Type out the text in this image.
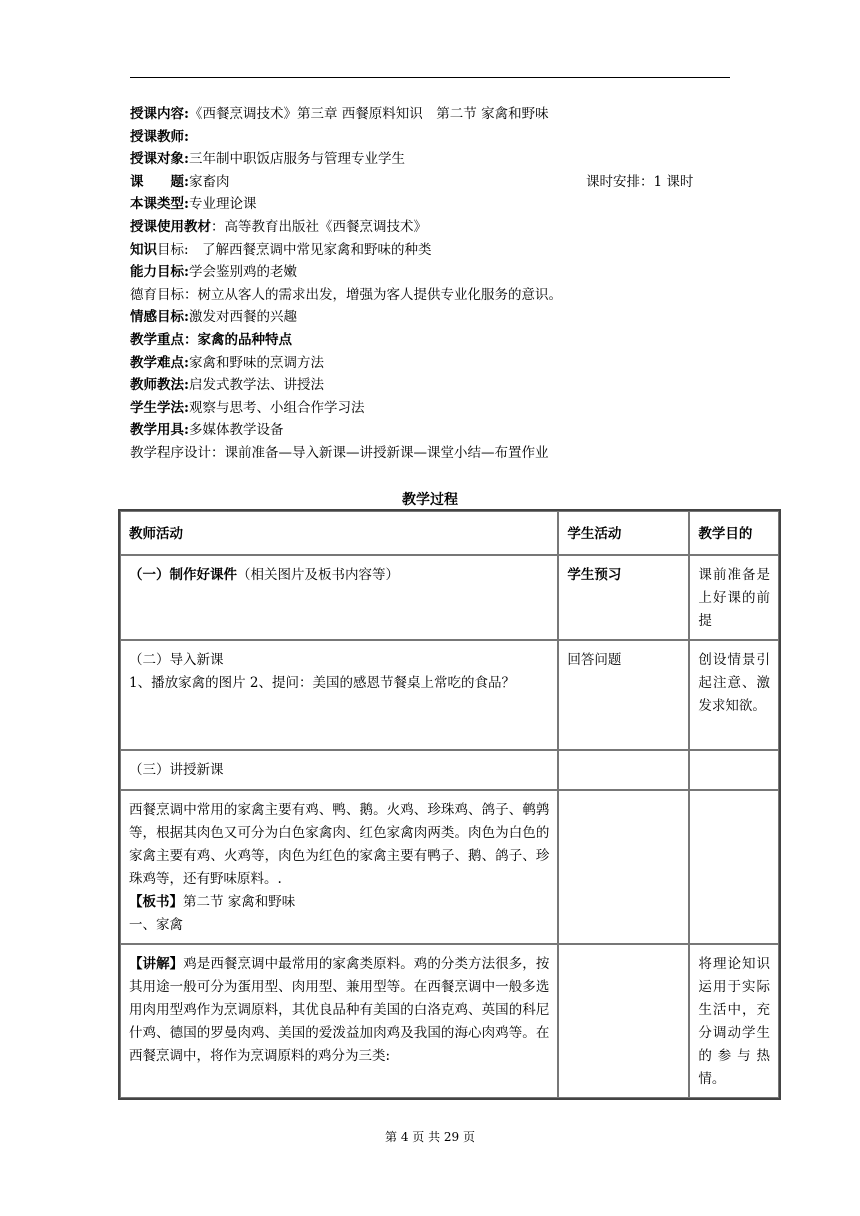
授课内容:《西餐烹调技术》第三章 西餐原料知识　第二节 家禽和野味
授课教师:
授课对象:三年制中职饭店服务与管理专业学生
课　　题:家畜肉	课时安排：1 课时
本课类型:专业理论课
授课使用教材：高等教育出版社《西餐烹调技术》
知识目标:　了解西餐烹调中常见家禽和野味的种类
能力目标:学会鉴别鸡的老嫩
德育目标：树立从客人的需求出发，增强为客人提供专业化服务的意识。
情感目标:激发对西餐的兴趣
教学重点：家禽的品种特点
教学难点:家禽和野味的烹调方法
教师教法:启发式教学法、讲授法
学生学法:观察与思考、小组合作学习法
教学用具:多媒体教学设备
教学程序设计：课前准备—导入新课—讲授新课—课堂小结—布置作业
教学过程
教师活动	学生活动	教学目的
（一）制作好课件（相关图片及板书内容等）	学生预习	课前准备是上好课的前提

（二）导入新课
1、播放家禽的图片 2、提问：美国的感恩节餐桌上常吃的食品？	回答问题	创设情景引起注意、激发求知欲。
（三）讲授新课		

西餐烹调中常用的家禽主要有鸡、鸭、鹅。火鸡、珍珠鸡、鸽子、鹌鹑等，根据其肉色又可分为白色家禽肉、红色家禽肉两类。肉色为白色的家禽主要有鸡、火鸡等，肉色为红色的家禽主要有鸭子、鹅、鸽子、珍珠鸡等，还有野味原料。.
【板书】第二节 家禽和野味
一、家禽		

【讲解】鸡是西餐烹调中最常用的家禽类原料。鸡的分类方法很多，按其用途一般可分为蛋用型、肉用型、兼用型等。在西餐烹调中一般多选用肉用型鸡作为烹调原料，其优良品种有美国的白洛克鸡、英国的科尼什鸡、德国的罗曼肉鸡、美国的爱泼益加肉鸡及我国的海心肉鸡等。在西餐烹调中，将作为烹调原料的鸡分为三类:		将理论知识运用于实际生活中，充分调动学生的参与热情。
第 4 页 共 29 页
